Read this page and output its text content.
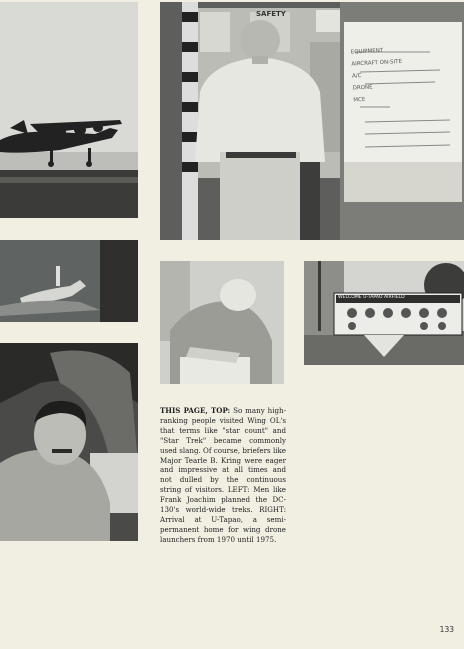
SAFETY
EQUIPMENT
AIRCRAFT ON-SITE
A/C
DRONE
MCE
WELCOME U-TAPAO AIRFIELD

THIS PAGE, TOP: So many high-ranking people visited Wing OL's that terms like "star count" and "Star Trek" became commonly used slang. Of course, briefers like Major Tearle B. Kring were eager and impressive at all times and not dulled by the continuous string of visitors. LEFT: Men like Frank Joachim planned the DC-130's world-wide treks. RIGHT: Arrival at U-Tapao, a semi-permanent home for wing drone launchers from 1970 until 1975.

133
